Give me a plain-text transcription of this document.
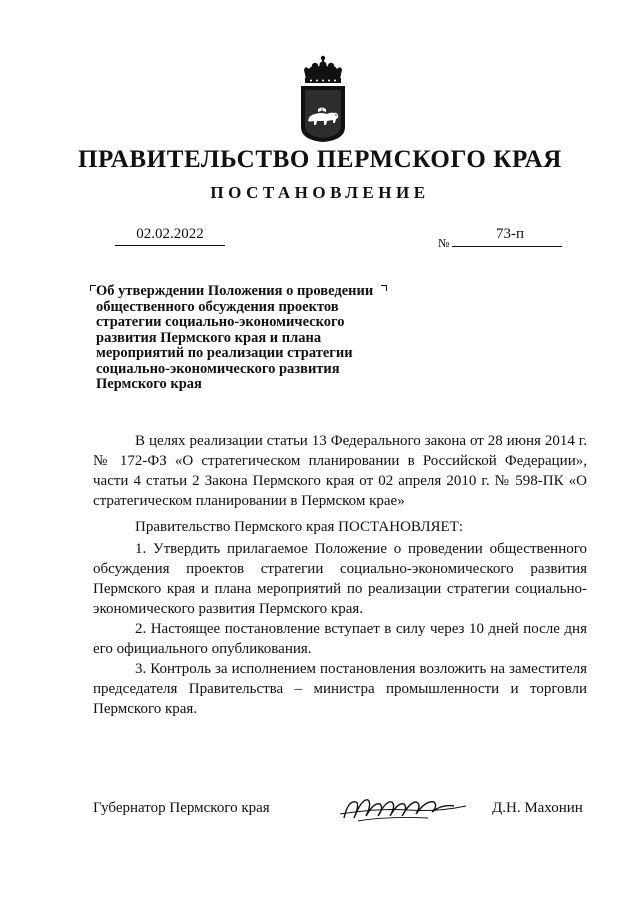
ПРАВИТЕЛЬСТВО ПЕРМСКОГО КРАЯ
ПОСТАНОВЛЕНИЕ
02.02.2022
№
73-п
Об утверждении Положения о проведении общественного обсуждения проектов стратегии социально-экономического развития Пермского края и плана мероприятий по реализации стратегии социально-экономического развития Пермского края

В целях реализации статьи 13 Федерального закона от 28 июня 2014 г. № 172-ФЗ «О стратегическом планировании в Российской Федерации», части 4 статьи 2 Закона Пермского края от 02 апреля 2010 г. № 598-ПК «О стратегическом планировании в Пермском крае»

Правительство Пермского края ПОСТАНОВЛЯЕТ:

1. Утвердить прилагаемое Положение о проведении общественного обсуждения проектов стратегии социально-экономического развития Пермского края и плана мероприятий по реализации стратегии социально-экономического развития Пермского края.

2. Настоящее постановление вступает в силу через 10 дней после дня его официального опубликования.

3. Контроль за исполнением постановления возложить на заместителя председателя Правительства – министра промышленности и торговли Пермского края.

Губернатор Пермского края	Д.Н. Махонин
